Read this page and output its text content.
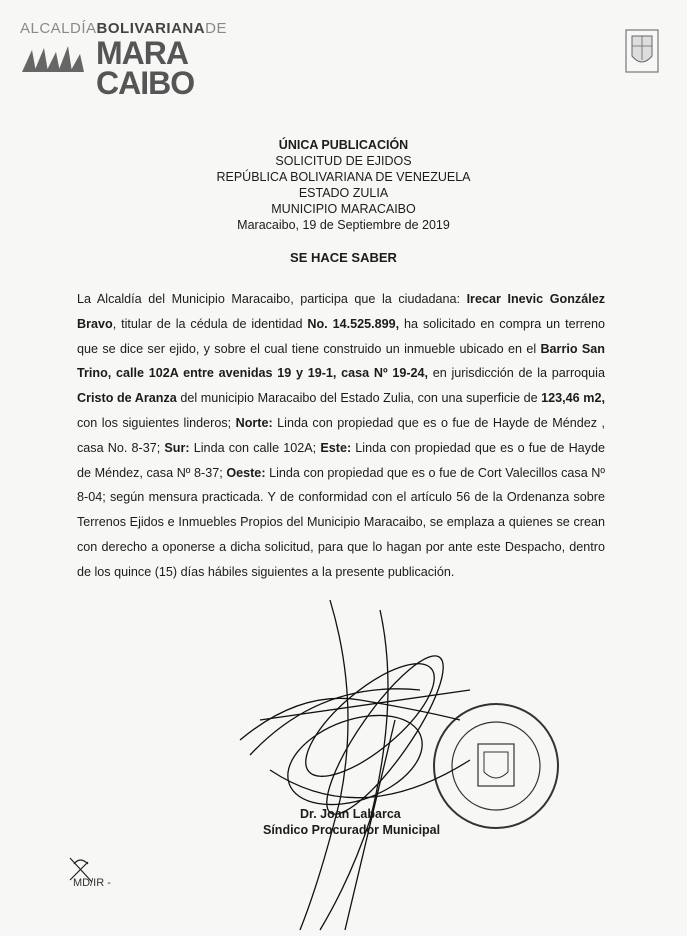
ALCALDÍABOLIVARIANADE
MARA
CAIBO
ÚNICA PUBLICACIÓN
SOLICITUD DE EJIDOS
REPÚBLICA BOLIVARIANA DE VENEZUELA
ESTADO ZULIA
MUNICIPIO MARACAIBO
Maracaibo, 19 de Septiembre de 2019
SE HACE SABER
La Alcaldía del Municipio Maracaibo, participa que la ciudadana: Irecar Inevic González Bravo, titular de la cédula de identidad No. 14.525.899, ha solicitado en compra un terreno que se dice ser ejido, y sobre el cual tiene construido un inmueble ubicado en el Barrio San Trino, calle 102A entre avenidas 19 y 19-1, casa Nº 19-24, en jurisdicción de la parroquia Cristo de Aranza del municipio Maracaibo del Estado Zulia, con una superficie de 123,46 m2, con los siguientes linderos; Norte: Linda con propiedad que es o fue de Hayde de Méndez , casa No. 8-37; Sur: Linda con calle 102A; Este: Linda con propiedad que es o fue de Hayde de Méndez, casa Nº 8-37; Oeste: Linda con propiedad que es o fue de Cort Valecillos casa Nº 8-04; según mensura practicada. Y de conformidad con el artículo 56 de la Ordenanza sobre Terrenos Ejidos e Inmuebles Propios del Municipio Maracaibo, se emplaza a quienes se crean con derecho a oponerse a dicha solicitud, para que lo hagan por ante este Despacho, dentro de los quince (15) días hábiles siguientes a la presente publicación.
Dr. Joan Labarca
Síndico Procurador Municipal
MD/IR -
